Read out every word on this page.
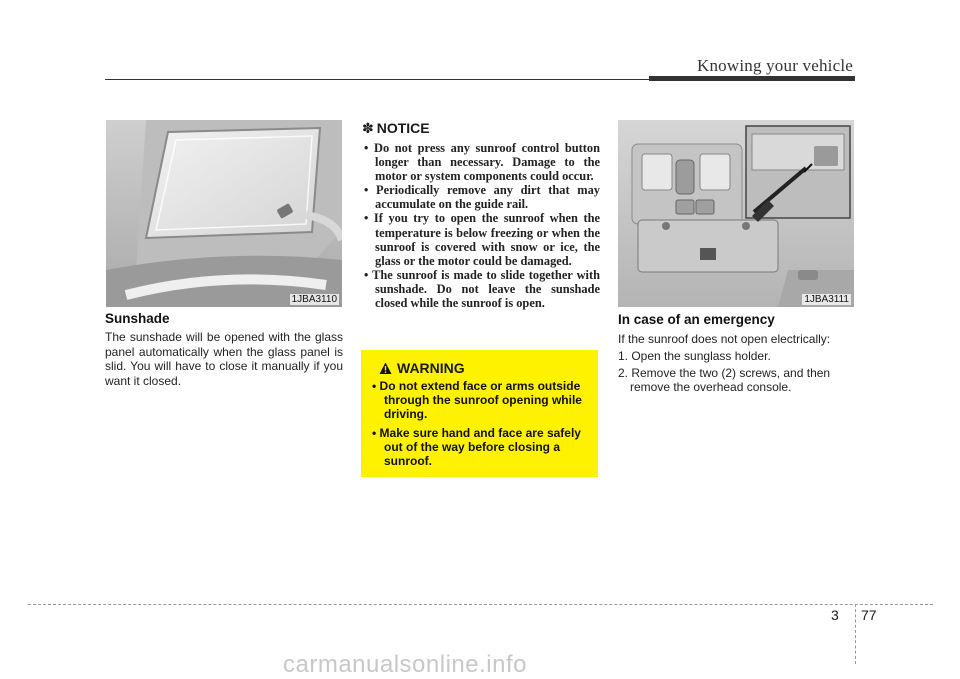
Knowing your vehicle
1JBA3110
Sunshade
The sunshade will be opened with the glass panel automatically when the glass panel is slid. You will have to close it manually if you want it closed.
✽ NOTICE
• Do not press any sunroof control button longer than necessary. Damage to the motor or system components could occur.
• Periodically remove any dirt that may accumulate on the guide rail.
• If you try to open the sunroof when the temperature is below freezing or when the sunroof is covered with snow or ice, the glass or the motor could be damaged.
• The sunroof is made to slide together with sunshade. Do not leave the sunshade closed while the sunroof is open.
WARNING
• Do not extend face or arms outside through the sunroof opening while driving.
• Make sure hand and face are safely out of the way before closing a sunroof.
1JBA3111
In case of an emergency
If the sunroof does not open electrically:
1. Open the sunglass holder.
2. Remove the two (2) screws, and then remove the overhead console.
3 77
carmanualsonline.info
